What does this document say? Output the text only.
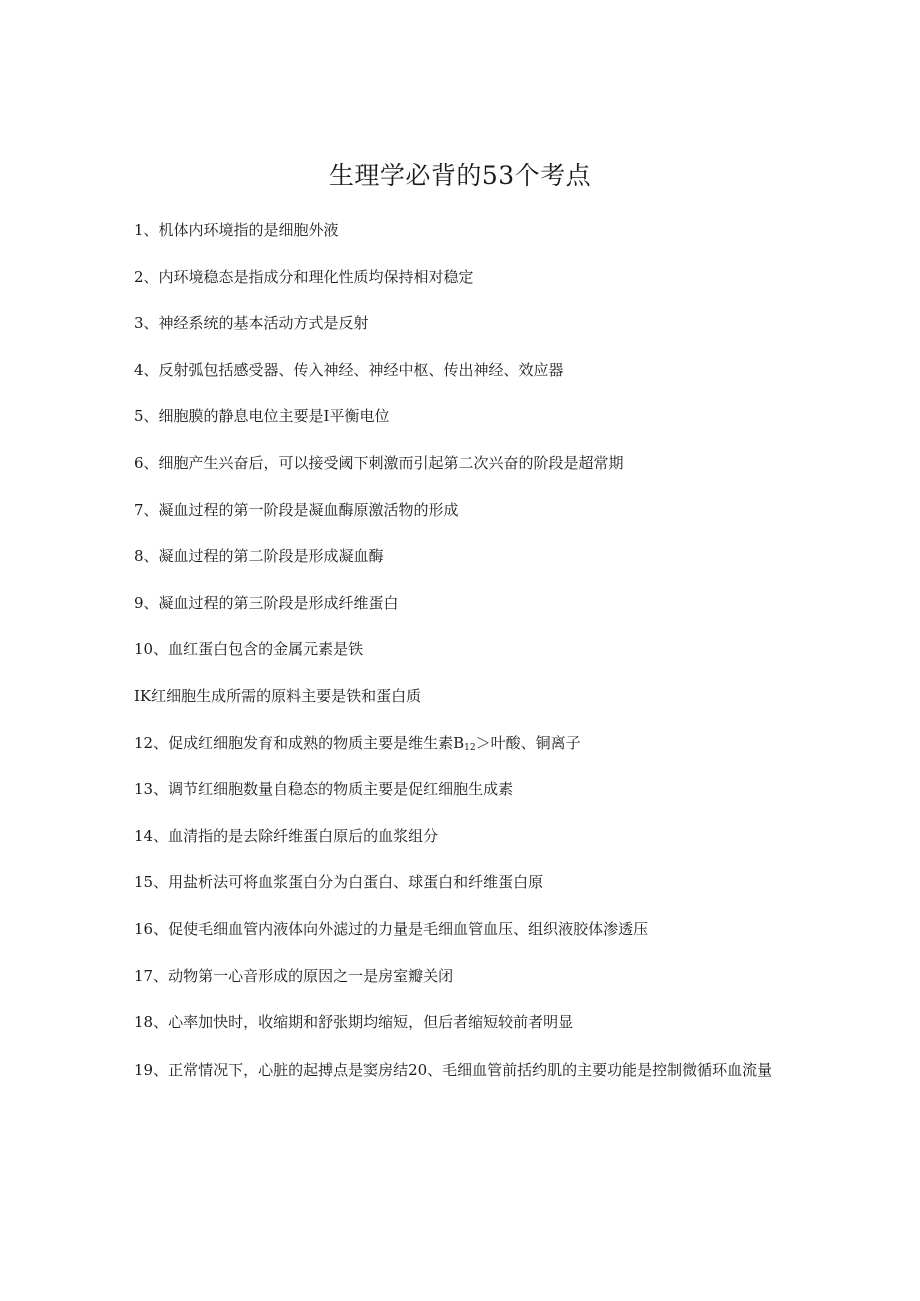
生理学必背的53个考点
1、机体内环境指的是细胞外液
2、内环境稳态是指成分和理化性质均保持相对稳定
3、神经系统的基本活动方式是反射
4、反射弧包括感受器、传入神经、神经中枢、传出神经、效应器
5、细胞膜的静息电位主要是I平衡电位
6、细胞产生兴奋后，可以接受阈下刺激而引起第二次兴奋的阶段是超常期
7、凝血过程的第一阶段是凝血酶原激活物的形成
8、凝血过程的第二阶段是形成凝血酶
9、凝血过程的第三阶段是形成纤维蛋白
10、血红蛋白包含的金属元素是铁
IK红细胞生成所需的原料主要是铁和蛋白质
12、促成红细胞发育和成熟的物质主要是维生素$B_{12}>$叶酸、铜离子
13、调节红细胞数量自稳态的物质主要是促红细胞生成素
14、血清指的是去除纤维蛋白原后的血浆组分
15、用盐析法可将血浆蛋白分为白蛋白、球蛋白和纤维蛋白原
16、促使毛细血管内液体向外滤过的力量是毛细血管血压、组织液胶体渗透压
17、动物第一心音形成的原因之一是房室瓣关闭
18、心率加快时，收缩期和舒张期均缩短，但后者缩短较前者明显
19、正常情况下，心脏的起搏点是窦房结20、毛细血管前括约肌的主要功能是控制微循环血流量
